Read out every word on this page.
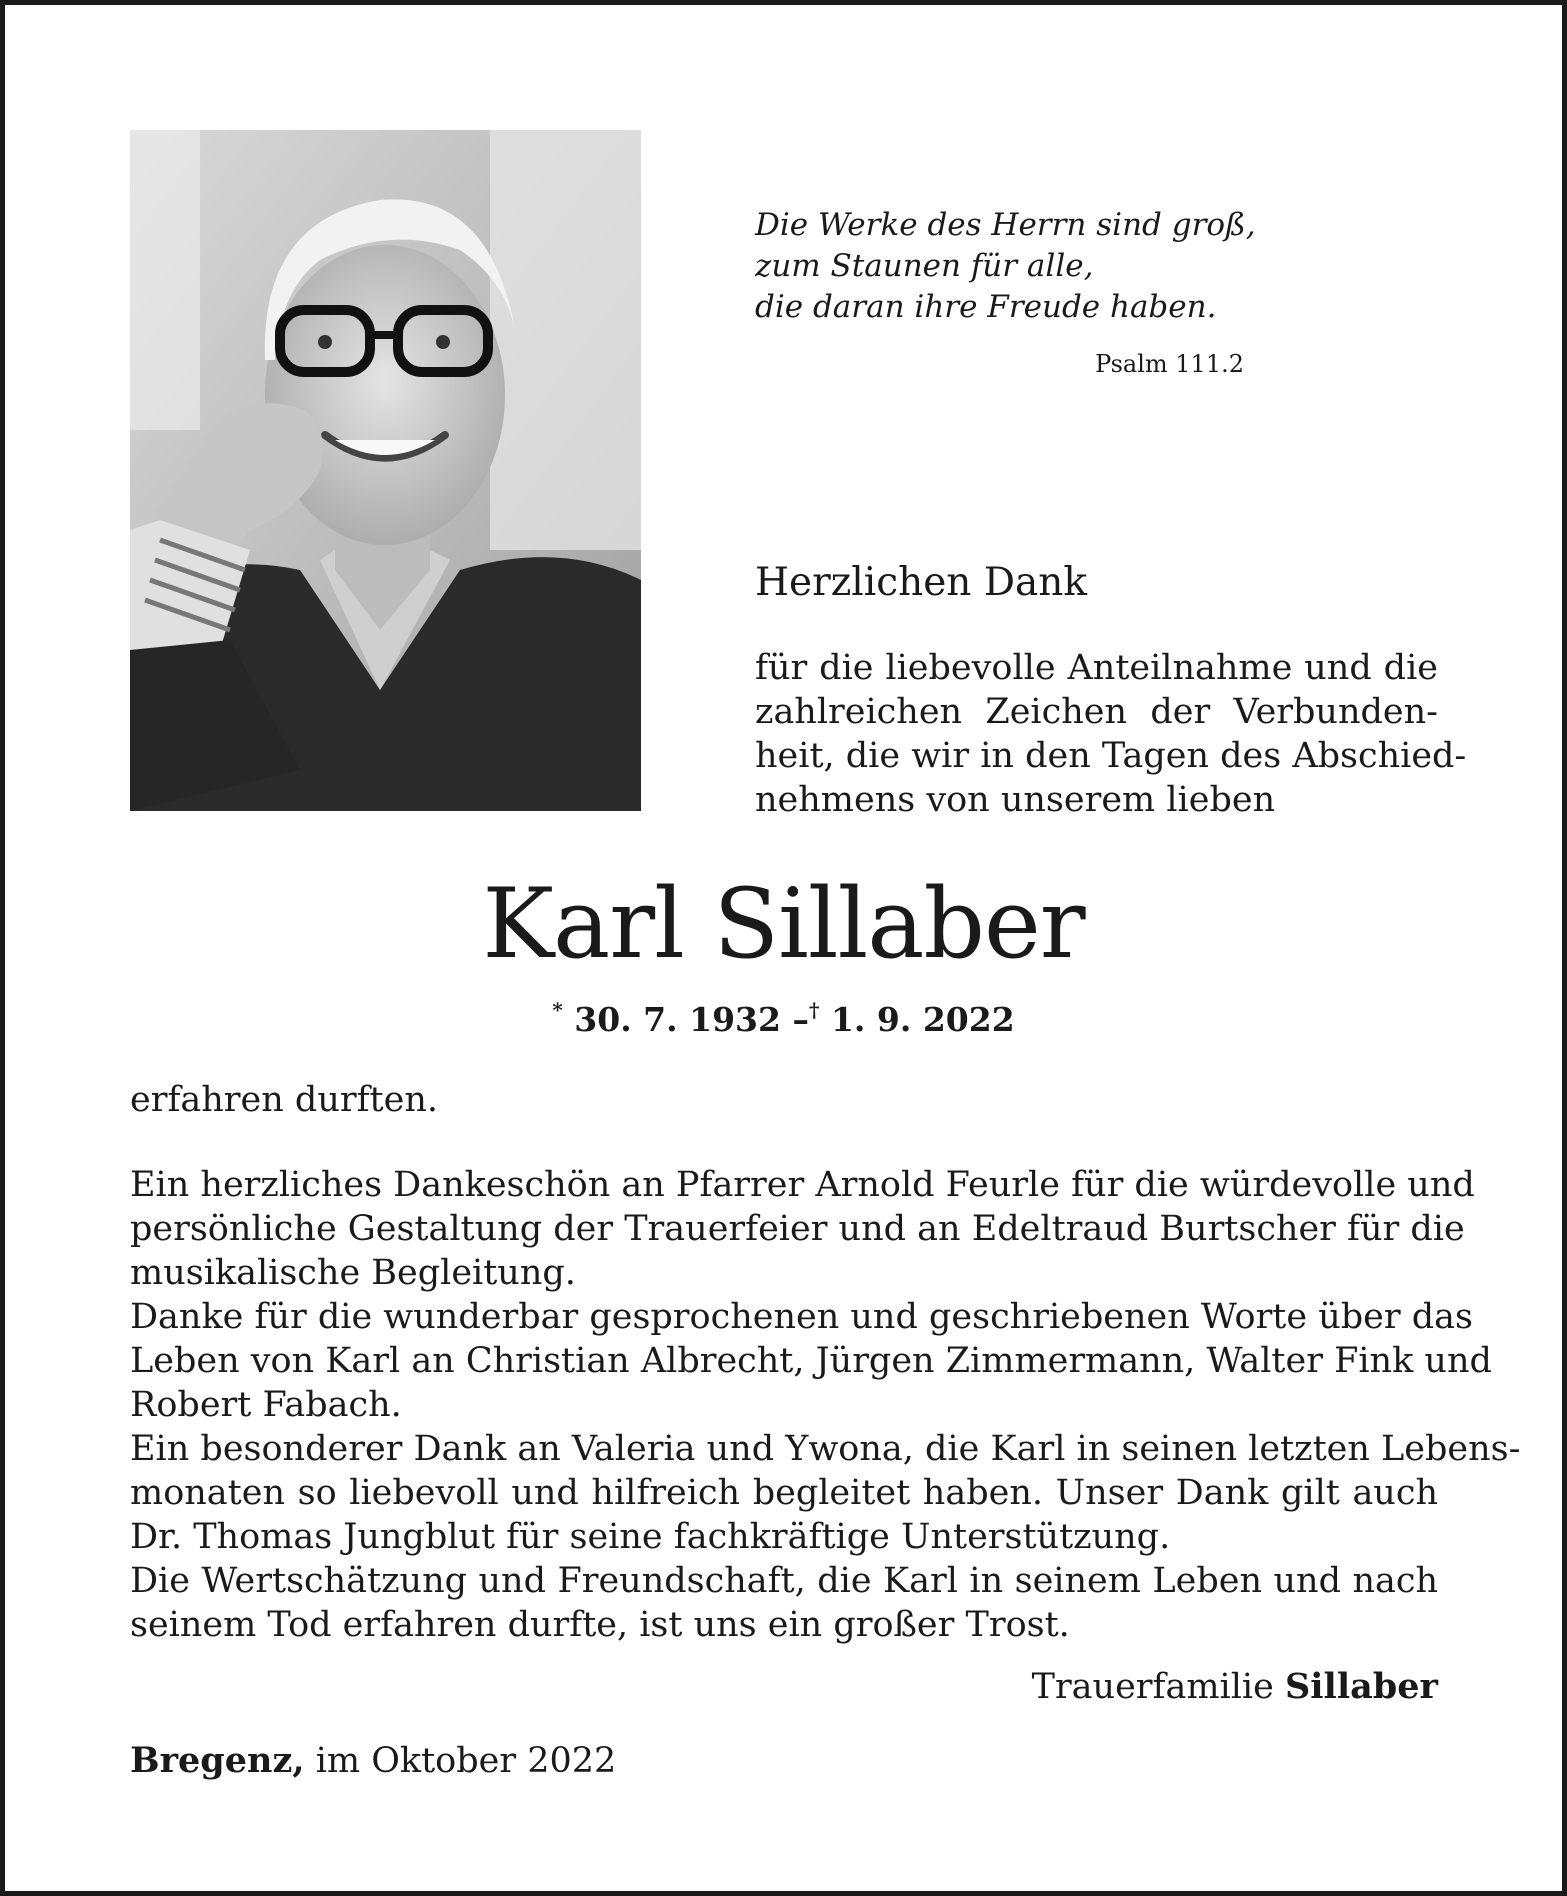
Die Werke des Herrn sind groß,

zum Staunen für alle,

die daran ihre Freude haben.

Psalm 111.2
Herzlichen Dank
für die liebevolle Anteilnahme und die
zahlreichen Zeichen der Verbunden-
heit, die wir in den Tagen des Abschied-
nehmens von unserem lieben
Karl Sillaber
* 30. 7. 1932 –† 1. 9. 2022
erfahren durften.
Ein herzliches Dankeschön an Pfarrer Arnold Feurle für die würdevolle und
persönliche Gestaltung der Trauerfeier und an Edeltraud Burtscher für die
musikalische Begleitung.
Danke für die wunderbar gesprochenen und geschriebenen Worte über das
Leben von Karl an Christian Albrecht, Jürgen Zimmermann, Walter Fink und
Robert Fabach.
Ein besonderer Dank an Valeria und Ywona, die Karl in seinen letzten Lebens-
monaten so liebevoll und hilfreich begleitet haben. Unser Dank gilt auch
Dr. Thomas Jungblut für seine fachkräftige Unterstützung.
Die Wertschätzung und Freundschaft, die Karl in seinem Leben und nach
seinem Tod erfahren durfte, ist uns ein großer Trost.
Trauerfamilie Sillaber
Bregenz, im Oktober 2022
